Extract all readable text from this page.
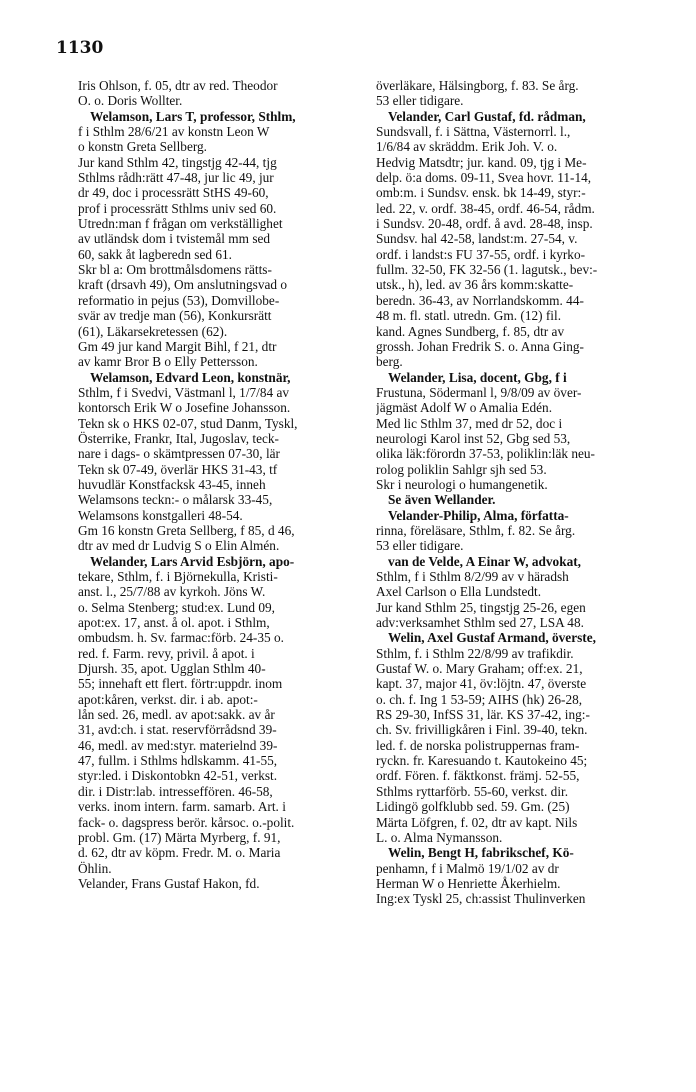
1130
Iris Ohlson, f. 05, dtr av red. Theodor
O. o. Doris Wollter.
Welamson, Lars T, professor, Sthlm,
f i Sthlm 28/6/21 av konstn Leon W
o konstn Greta Sellberg.
Jur kand Sthlm 42, tingstjg 42-44, tjg
Sthlms rådh:rätt 47-48, jur lic 49, jur
dr 49, doc i processrätt StHS 49-60,
prof i processrätt Sthlms univ sed 60.
Utredn:man f frågan om verkställighet
av utländsk dom i tvistemål mm sed
60, sakk åt lagberedn sed 61.
Skr bl a: Om brottmålsdomens rätts-
kraft (drsavh 49), Om anslutningsvad o
reformatio in pejus (53), Domvillobe-
svär av tredje man (56), Konkursrätt
(61), Läkarsekretessen (62).
Gm 49 jur kand Margit Bihl, f 21, dtr
av kamr Bror B o Elly Pettersson.
Welamson, Edvard Leon, konstnär,
Sthlm, f i Svedvi, Västmanl l, 1/7/84 av
kontorsch Erik W o Josefine Johansson.
Tekn sk o HKS 02-07, stud Danm, Tyskl,
Österrike, Frankr, Ital, Jugoslav, teck-
nare i dags- o skämtpressen 07-30, lär
Tekn sk 07-49, överlär HKS 31-43, tf
huvudlär Konstfacksk 43-45, inneh
Welamsons teckn:- o målarsk 33-45,
Welamsons konstgalleri 48-54.
Gm 16 konstn Greta Sellberg, f 85, d 46,
dtr av med dr Ludvig S o Elin Almén.
Welander, Lars Arvid Esbjörn, apo-
tekare, Sthlm, f. i Björnekulla, Kristi-
anst. l., 25/7/88 av kyrkoh. Jöns W.
o. Selma Stenberg; stud:ex. Lund 09,
apot:ex. 17, anst. å ol. apot. i Sthlm,
ombudsm. h. Sv. farmac:förb. 24-35 o.
red. f. Farm. revy, privil. å apot. i
Djursh. 35, apot. Ugglan Sthlm 40-
55; innehaft ett flert. förtr:uppdr. inom
apot:kåren, verkst. dir. i ab. apot:-
lån sed. 26, medl. av apot:sakk. av år
31, avd:ch. i stat. reservförrådsnd 39-
46, medl. av med:styr. materielnd 39-
47, fullm. i Sthlms hdlskamm. 41-55,
styr:led. i Diskontobkn 42-51, verkst.
dir. i Distr:lab. intresseffören. 46-58,
verks. inom intern. farm. samarb. Art. i
fack- o. dagspress berör. kårsoc. o.-polit.
probl. Gm. (17) Märta Myrberg, f. 91,
d. 62, dtr av köpm. Fredr. M. o. Maria
Öhlin.
Velander, Frans Gustaf Hakon, fd.
överläkare, Hälsingborg, f. 83. Se årg.
53 eller tidigare.
Velander, Carl Gustaf, fd. rådman,
Sundsvall, f. i Sättna, Västernorrl. l.,
1/6/84 av skräddm. Erik Joh. V. o.
Hedvig Matsdtr; jur. kand. 09, tjg i Me-
delp. ö:a doms. 09-11, Svea hovr. 11-14,
omb:m. i Sundsv. ensk. bk 14-49, styr:-
led. 22, v. ordf. 38-45, ordf. 46-54, rådm.
i Sundsv. 20-48, ordf. å avd. 28-48, insp.
Sundsv. hal 42-58, landst:m. 27-54, v.
ordf. i landst:s FU 37-55, ordf. i kyrko-
fullm. 32-50, FK 32-56 (1. lagutsk., bev:-
utsk., h), led. av 36 års komm:skatte-
beredn. 36-43, av Norrlandskomm. 44-
48 m. fl. statl. utredn. Gm. (12) fil.
kand. Agnes Sundberg, f. 85, dtr av
grossh. Johan Fredrik S. o. Anna Ging-
berg.
Welander, Lisa, docent, Gbg, f i
Frustuna, Södermanl l, 9/8/09 av över-
jägmäst Adolf W o Amalia Edén.
Med lic Sthlm 37, med dr 52, doc i
neurologi Karol inst 52, Gbg sed 53,
olika läk:förordn 37-53, poliklin:läk neu-
rolog poliklin Sahlgr sjh sed 53.
Skr i neurologi o humangenetik.
Se även Wellander.
Velander-Philip, Alma, författa-
rinna, föreläsare, Sthlm, f. 82. Se årg.
53 eller tidigare.
van de Velde, A Einar W, advokat,
Sthlm, f i Sthlm 8/2/99 av v häradsh
Axel Carlson o Ella Lundstedt.
Jur kand Sthlm 25, tingstjg 25-26, egen
adv:verksamhet Sthlm sed 27, LSA 48.
Welin, Axel Gustaf Armand, överste,
Sthlm, f. i Sthlm 22/8/99 av trafikdir.
Gustaf W. o. Mary Graham; off:ex. 21,
kapt. 37, major 41, öv:löjtn. 47, överste
o. ch. f. Ing 1 53-59; AIHS (hk) 26-28,
RS 29-30, InfSS 31, lär. KS 37-42, ing:-
ch. Sv. frivilligkåren i Finl. 39-40, tekn.
led. f. de norska polistruppernas fram-
ryckn. fr. Karesuando t. Kautokeino 45;
ordf. Fören. f. fäktkonst. främj. 52-55,
Sthlms ryttarförb. 55-60, verkst. dir.
Lidingö golfklubb sed. 59. Gm. (25)
Märta Löfgren, f. 02, dtr av kapt. Nils
L. o. Alma Nymansson.
Welin, Bengt H, fabrikschef, Kö-
penhamn, f i Malmö 19/1/02 av dr
Herman W o Henriette Åkerhielm.
Ing:ex Tyskl 25, ch:assist Thulinverken
